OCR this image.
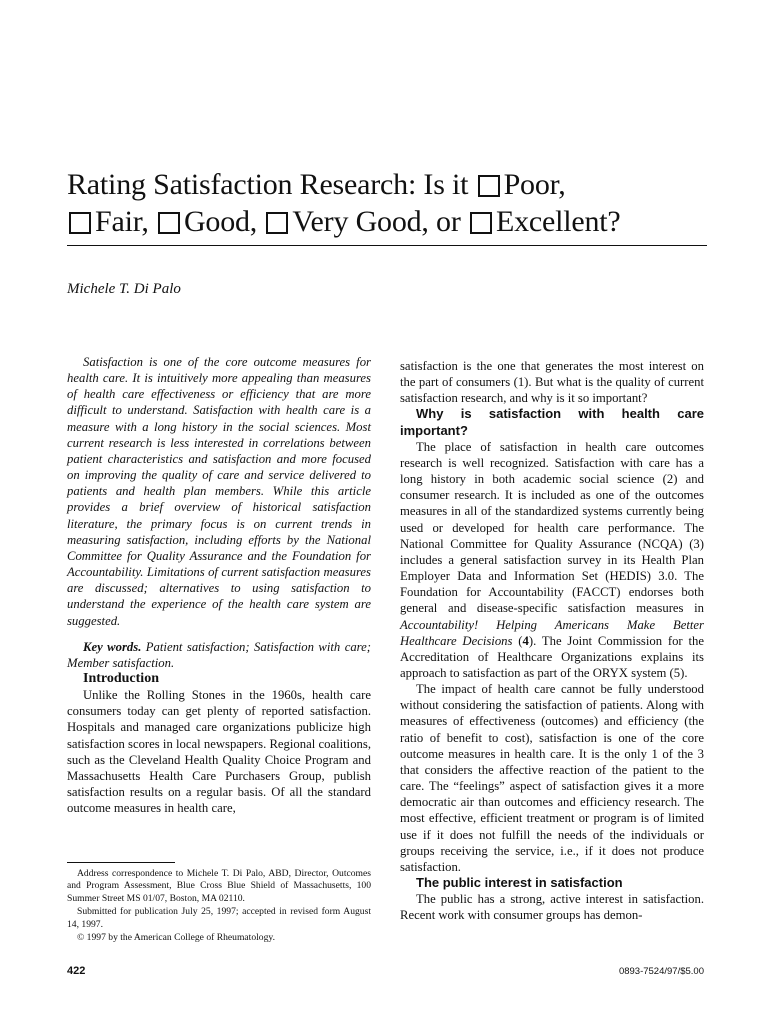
Rating Satisfaction Research: Is it Poor,
Fair, Good, Very Good, or Excellent?
Michele T. Di Palo

Satisfaction is one of the core outcome measures for health care. It is intuitively more appealing than measures of health care effectiveness or efficiency that are more difficult to understand. Satisfaction with health care is a measure with a long history in the social sciences. Most current research is less interested in correlations between patient characteristics and satisfaction and more focused on improving the quality of care and service delivered to patients and health plan members. While this article provides a brief overview of historical satisfaction literature, the primary focus is on current trends in measuring satisfaction, including efforts by the National Committee for Quality Assurance and the Foundation for Accountability. Limitations of current satisfaction measures are discussed; alternatives to using satisfaction to understand the experience of the health care system are suggested.

Key words. Patient satisfaction; Satisfaction with care; Member satisfaction.

Introduction

Unlike the Rolling Stones in the 1960s, health care consumers today can get plenty of reported satisfaction. Hospitals and managed care organizations publicize high satisfaction scores in local newspapers. Regional coalitions, such as the Cleveland Health Quality Choice Program and Massachusetts Health Care Purchasers Group, publish satisfaction results on a regular basis. Of all the standard outcome measures in health care,

Address correspondence to Michele T. Di Palo, ABD, Director, Outcomes and Program Assessment, Blue Cross Blue Shield of Massachusetts, 100 Summer Street MS 01/07, Boston, MA 02110.

Submitted for publication July 25, 1997; accepted in revised form August 14, 1997.

© 1997 by the American College of Rheumatology.

satisfaction is the one that generates the most interest on the part of consumers (1). But what is the quality of current satisfaction research, and why is it so important?

Why is satisfaction with health care important?

The place of satisfaction in health care outcomes research is well recognized. Satisfaction with care has a long history in both academic social science (2) and consumer research. It is included as one of the outcomes measures in all of the standardized systems currently being used or developed for health care performance. The National Committee for Quality Assurance (NCQA) (3) includes a general satisfaction survey in its Health Plan Employer Data and Information Set (HEDIS) 3.0. The Foundation for Accountability (FACCT) endorses both general and disease-specific satisfaction measures in Accountability! Helping Americans Make Better Healthcare Decisions (4). The Joint Commission for the Accreditation of Healthcare Organizations explains its approach to satisfaction as part of the ORYX system (5).

The impact of health care cannot be fully understood without considering the satisfaction of patients. Along with measures of effectiveness (outcomes) and efficiency (the ratio of benefit to cost), satisfaction is one of the core outcome measures in health care. It is the only 1 of the 3 that considers the affective reaction of the patient to the care. The “feelings” aspect of satisfaction gives it a more democratic air than outcomes and efficiency research. The most effective, efficient treatment or program is of limited use if it does not fulfill the needs of the individuals or groups receiving the service, i.e., if it does not produce satisfaction.

The public interest in satisfaction

The public has a strong, active interest in satisfaction. Recent work with consumer groups has demon-

422	0893-7524/97/$5.00
